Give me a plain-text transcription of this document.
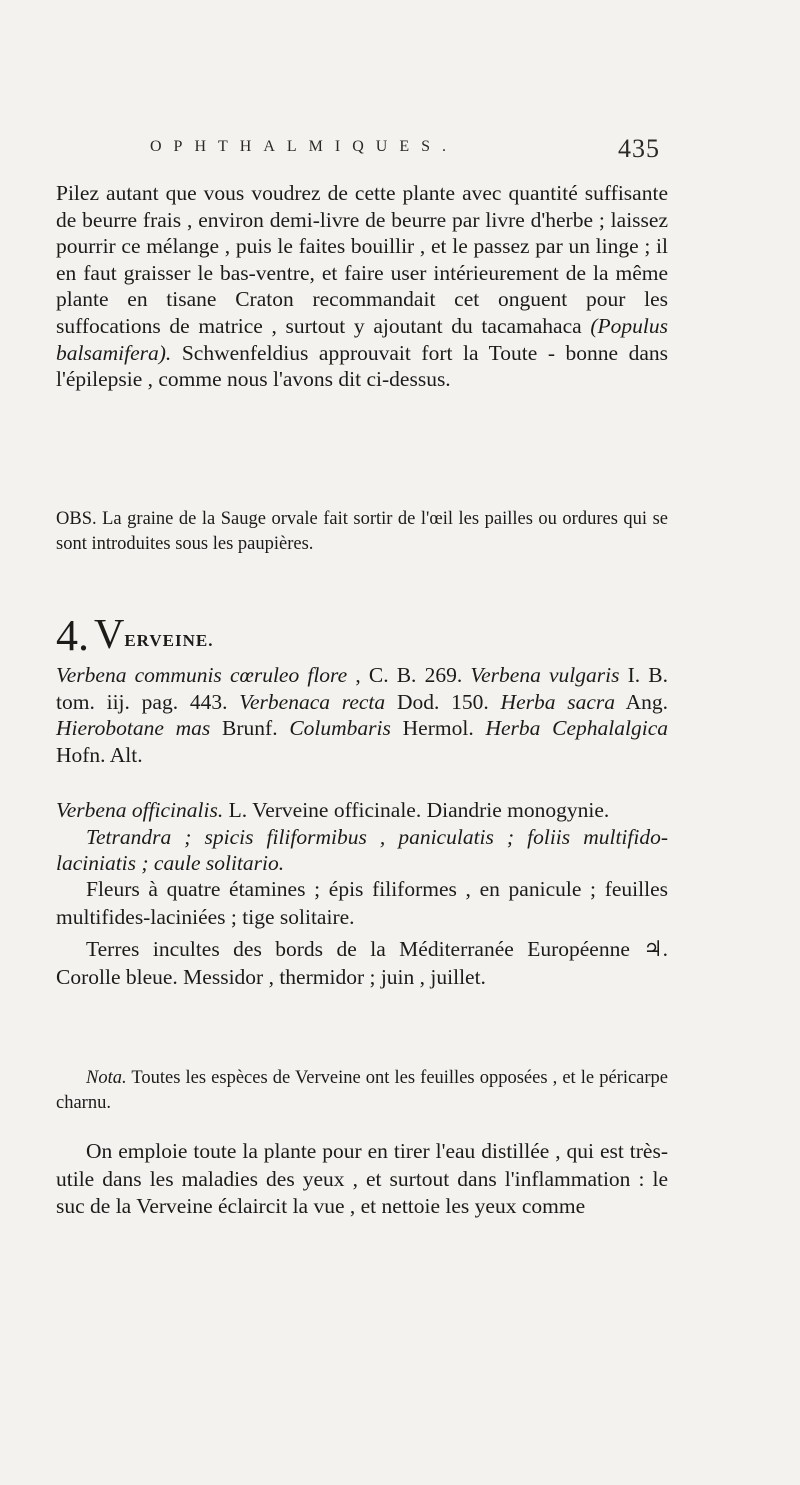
OPHTHALMIQUES.	435
Pilez autant que vous voudrez de cette plante avec quantité suffisante de beurre frais , environ demi-livre de beurre par livre d'herbe ; laissez pourrir ce mélange , puis le faites bouillir , et le passez par un linge ; il en faut graisser le bas-ventre, et faire user intérieurement de la même plante en tisane Craton recommandait cet onguent pour les suffocations de matrice , surtout y ajoutant du tacamahaca (Populus balsamifera). Schwenfeldius approuvait fort la Toute - bonne dans l'épilepsie , comme nous l'avons dit ci-dessus.
OBS. La graine de la Sauge orvale fait sortir de l'œil les pailles ou ordures qui se sont introduites sous les paupières.
4. VERVEINE.
Verbena communis cœruleo flore , C. B. 269. Verbena vulgaris I. B. tom. iij. pag. 443. Verbenaca recta Dod. 150. Herba sacra Ang. Hierobotane mas Brunf. Columbaris Hermol. Herba Cephalalgica Hofn. Alt.
Verbena officinalis. L. Verveine officinale. Diandrie monogynie.
Tetrandra ; spicis filiformibus , paniculatis ; foliis multifido-laciniatis ; caule solitario.
Fleurs à quatre étamines ; épis filiformes , en panicule ; feuilles multifides-laciniées ; tige solitaire.
Terres incultes des bords de la Méditerranée Européenne ♃. Corolle bleue. Messidor , thermidor ; juin , juillet.
Nota. Toutes les espèces de Verveine ont les feuilles opposées , et le péricarpe charnu.
On emploie toute la plante pour en tirer l'eau distillée , qui est très-utile dans les maladies des yeux , et surtout dans l'inflammation : le suc de la Verveine éclaircit la vue , et nettoie les yeux comme
